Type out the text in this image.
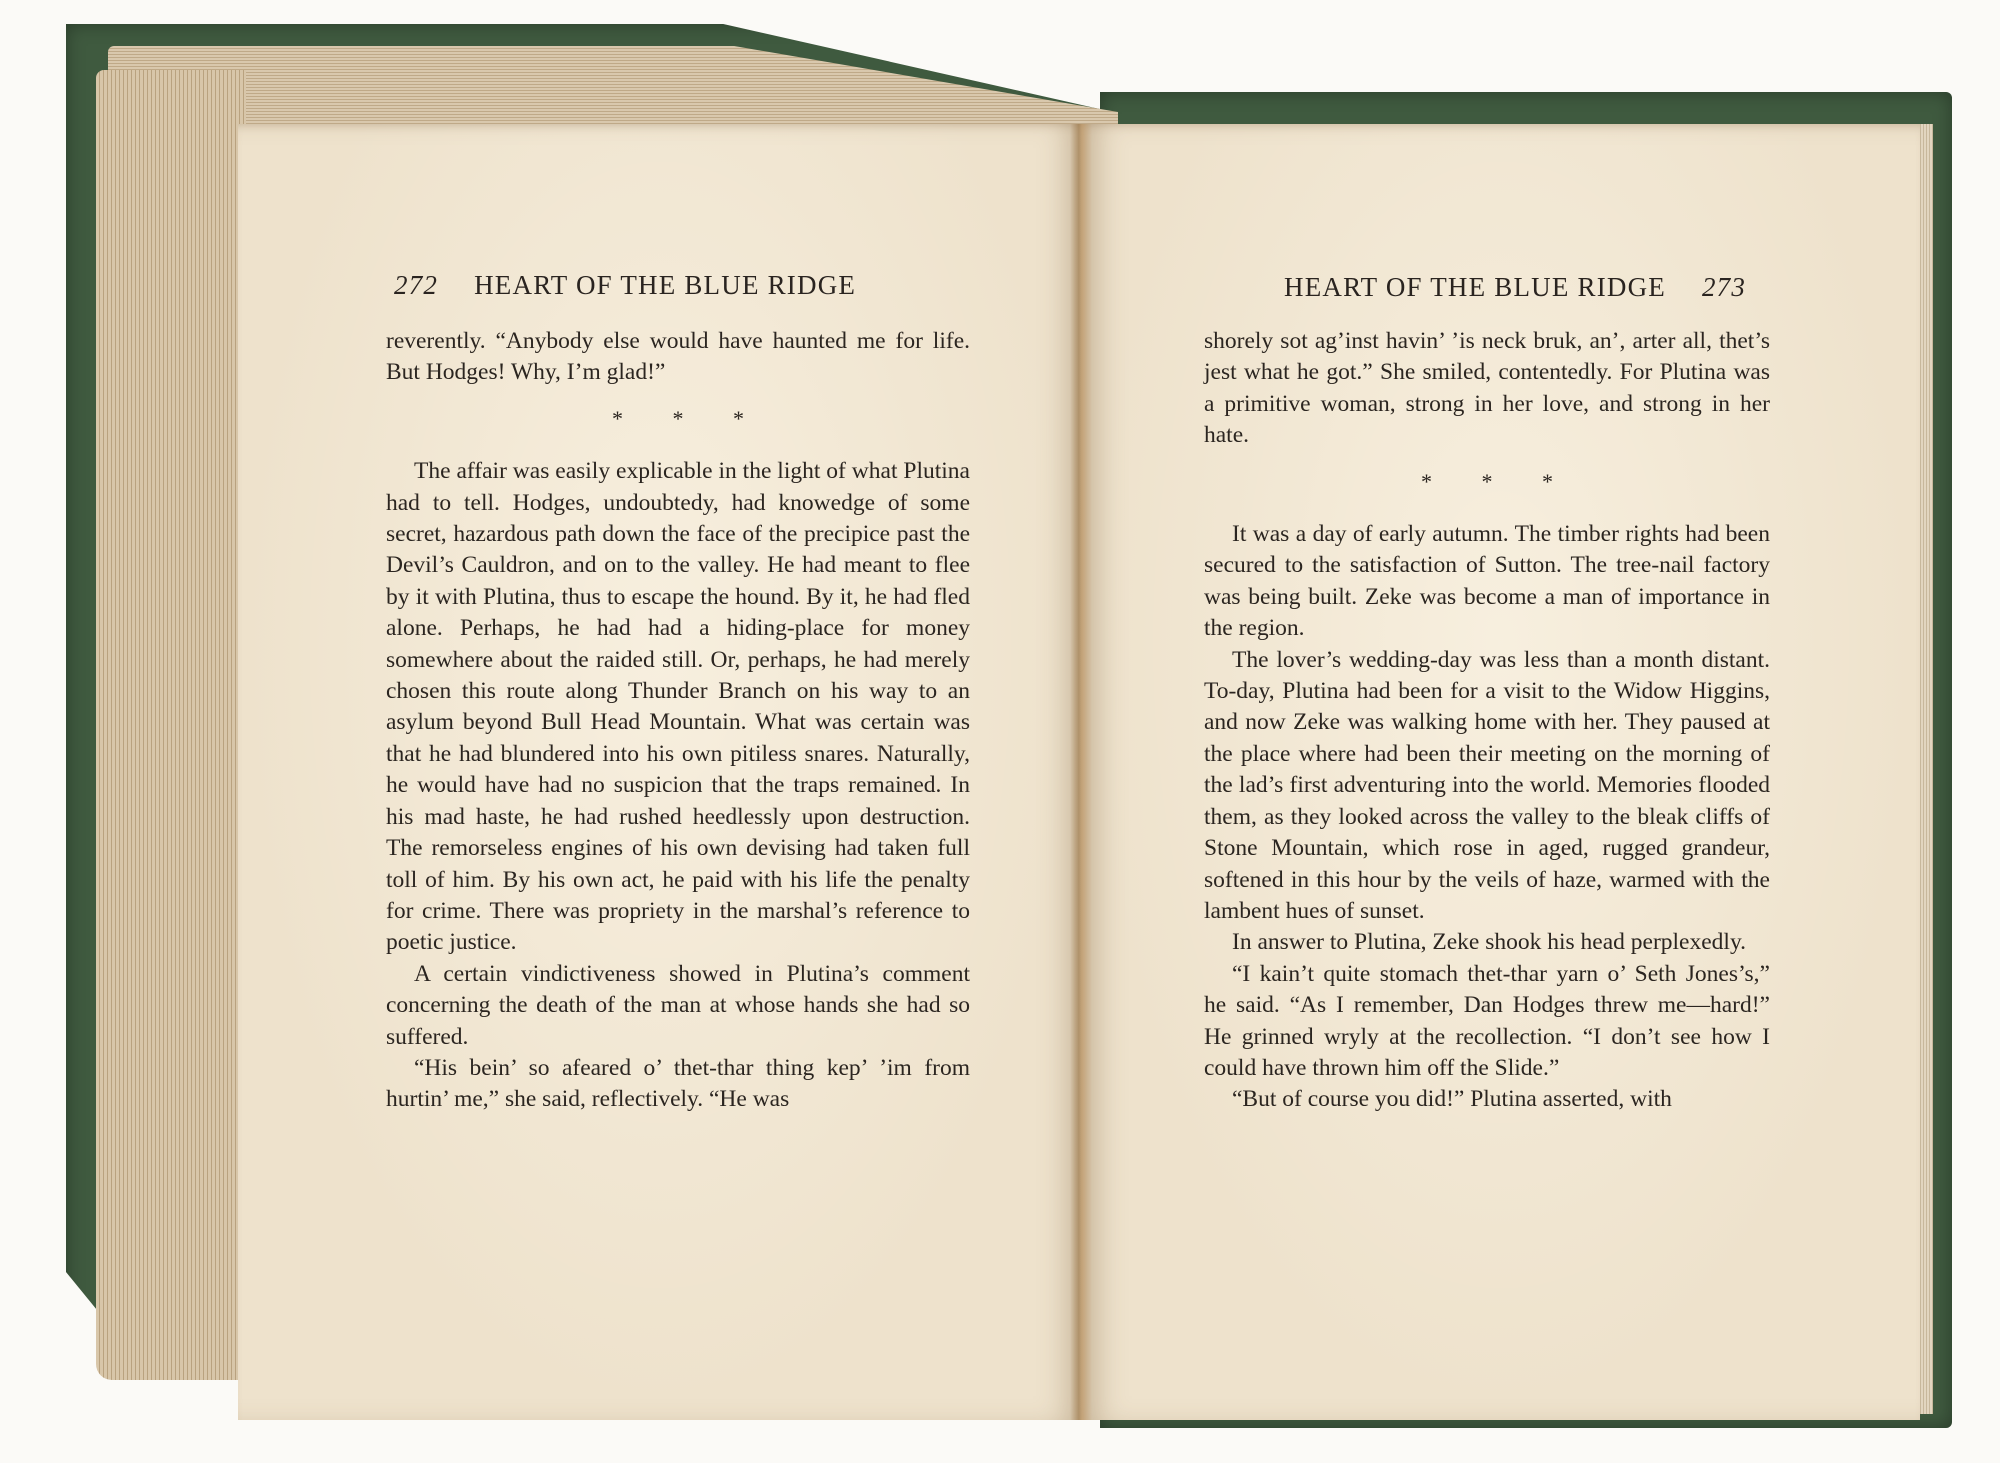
272 HEART OF THE BLUE RIDGE	HEART OF THE BLUE RIDGE 273

reverently. “Anybody else would have haunted me for life. But Hodges! Why, I’m glad!”

* * *

The affair was easily explicable in the light of what Plutina had to tell. Hodges, undoubtedy, had knowedge of some secret, hazardous path down the face of the precipice past the Devil’s Cauldron, and on to the valley. He had meant to flee by it with Plutina, thus to escape the hound. By it, he had fled alone. Perhaps, he had had a hiding-place for money somewhere about the raided still. Or, perhaps, he had merely chosen this route along Thunder Branch on his way to an asylum beyond Bull Head Mountain. What was certain was that he had blundered into his own pitiless snares. Naturally, he would have had no suspicion that the traps remained. In his mad haste, he had rushed heedlessly upon destruction. The remorseless engines of his own devising had taken full toll of him. By his own act, he paid with his life the penalty for crime. There was propriety in the marshal’s reference to poetic justice.

A certain vindictiveness showed in Plutina’s comment concerning the death of the man at whose hands she had so suffered.

“His bein’ so afeared o’ thet-thar thing kep’ ’im from hurtin’ me,” she said, reflectively. “He was

shorely sot ag’inst havin’ ’is neck bruk, an’, arter all, thet’s jest what he got.” She smiled, contentedly. For Plutina was a primitive woman, strong in her love, and strong in her hate.

* * *

It was a day of early autumn. The timber rights had been secured to the satisfaction of Sutton. The tree-nail factory was being built. Zeke was become a man of importance in the region.

The lover’s wedding-day was less than a month distant. To-day, Plutina had been for a visit to the Widow Higgins, and now Zeke was walking home with her. They paused at the place where had been their meeting on the morning of the lad’s first adventuring into the world. Memories flooded them, as they looked across the valley to the bleak cliffs of Stone Mountain, which rose in aged, rugged grandeur, softened in this hour by the veils of haze, warmed with the lambent hues of sunset.

In answer to Plutina, Zeke shook his head perplexedly.

“I kain’t quite stomach thet-thar yarn o’ Seth Jones’s,” he said. “As I remember, Dan Hodges threw me—hard!” He grinned wryly at the recollection. “I don’t see how I could have thrown him off the Slide.”

“But of course you did!” Plutina asserted, with
